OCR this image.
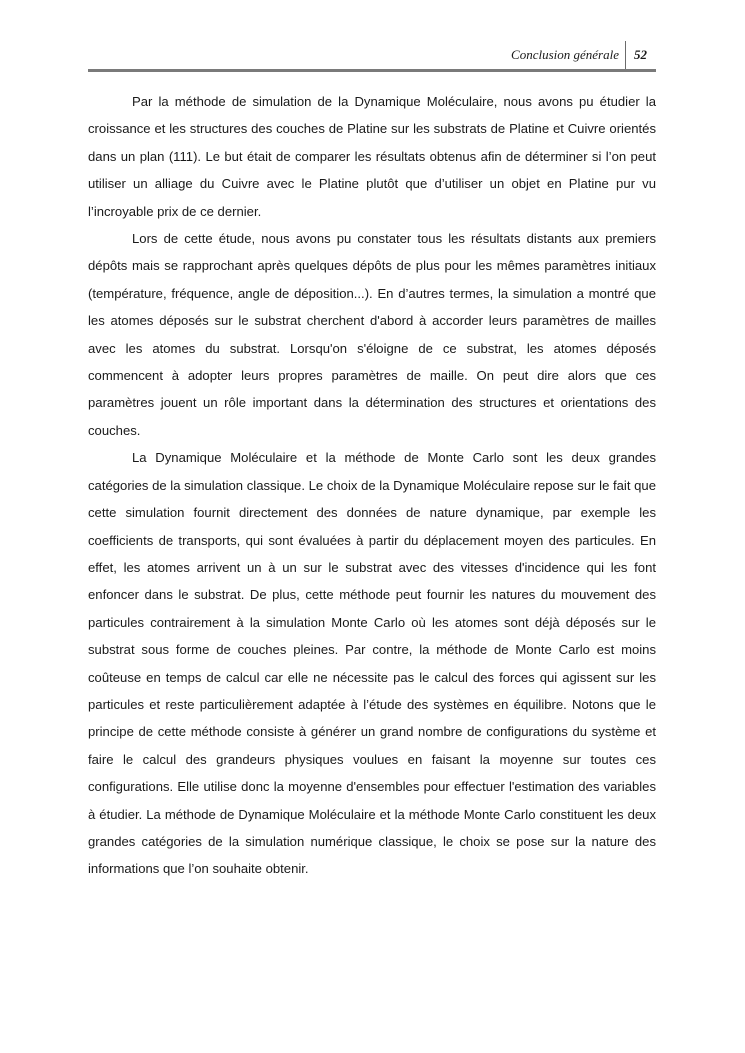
Conclusion générale	52

Par la méthode de simulation de la Dynamique Moléculaire, nous avons pu étudier la croissance et les structures des couches de Platine sur les substrats de Platine et Cuivre orientés dans un plan (111). Le but était de comparer les résultats obtenus afin de déterminer si l’on peut utiliser un alliage du Cuivre avec le Platine plutôt que d’utiliser un objet en Platine pur vu l’incroyable prix de ce dernier.

Lors de cette étude, nous avons pu constater tous les résultats distants aux premiers dépôts mais se rapprochant après quelques dépôts de plus pour les mêmes paramètres initiaux (température, fréquence, angle de déposition...). En d’autres termes, la simulation a montré que les atomes déposés sur le substrat cherchent d'abord à accorder leurs paramètres de mailles avec les atomes du substrat. Lorsqu'on s'éloigne de ce substrat, les atomes déposés commencent à adopter leurs propres paramètres de maille. On peut dire alors que ces paramètres jouent un rôle important dans la détermination des structures et orientations des couches.

La Dynamique Moléculaire et la méthode de Monte Carlo sont les deux grandes catégories de la simulation classique. Le choix de la Dynamique Moléculaire repose sur le fait que cette simulation fournit directement des données de nature dynamique, par exemple les coefficients de transports, qui sont évaluées à partir du déplacement moyen des particules. En effet, les atomes arrivent un à un sur le substrat avec des vitesses d'incidence qui les font enfoncer dans le substrat. De plus, cette méthode peut fournir les natures du mouvement des particules contrairement à la simulation Monte Carlo où les atomes sont déjà déposés sur le substrat sous forme de couches pleines. Par contre, la méthode de Monte Carlo est moins coûteuse en temps de calcul car elle ne nécessite pas le calcul des forces qui agissent sur les particules et reste particulièrement adaptée à l’étude des systèmes en équilibre. Notons que le principe de cette méthode consiste à générer un grand nombre de configurations du système et faire le calcul des grandeurs physiques voulues en faisant la moyenne sur toutes ces configurations. Elle utilise donc la moyenne d'ensembles pour effectuer l'estimation des variables à étudier. La méthode de Dynamique Moléculaire et la méthode Monte Carlo constituent les deux grandes catégories de la simulation numérique classique, le choix se pose sur la nature des informations que l’on souhaite obtenir.
